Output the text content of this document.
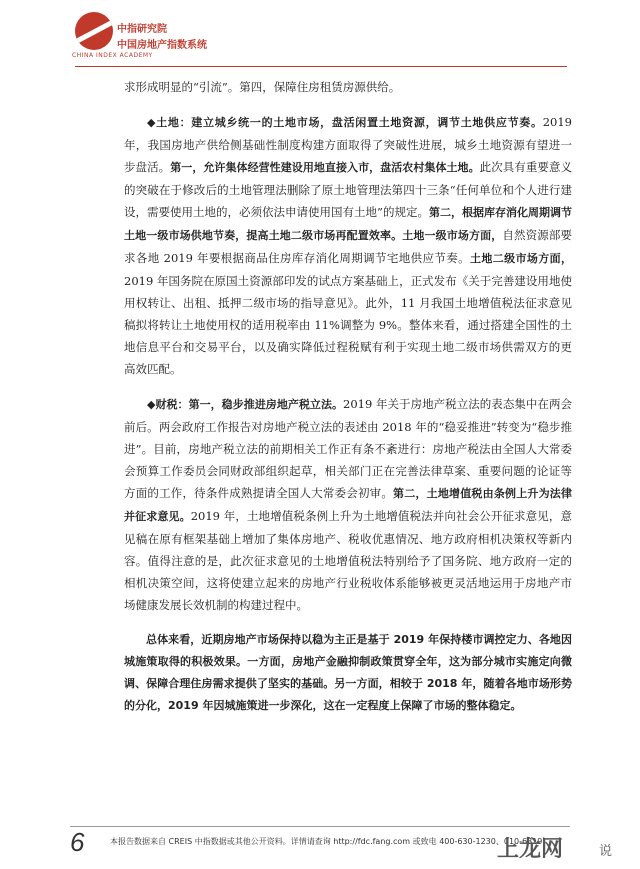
CHINA INDEX ACADEMY
中指研究院
中国房地产指数系统

求形成明显的“引流”。第四，保障住房租赁房源供给。

◆土地：建立城乡统一的土地市场，盘活闲置土地资源，调节土地供应节奏。2019 年，我国房地产供给侧基础性制度构建方面取得了突破性进展，城乡土地资源有望进一步盘活。第一，允许集体经营性建设用地直接入市，盘活农村集体土地。此次具有重要意义的突破在于修改后的土地管理法删除了原土地管理法第四十三条“任何单位和个人进行建设，需要使用土地的，必须依法申请使用国有土地”的规定。第二，根据库存消化周期调节土地一级市场供地节奏，提高土地二级市场再配置效率。土地一级市场方面，自然资源部要求各地 2019 年要根据商品住房库存消化周期调节宅地供应节奏。土地二级市场方面，2019 年国务院在原国土资源部印发的试点方案基础上，正式发布《关于完善建设用地使用权转让、出租、抵押二级市场的指导意见》。此外，11 月我国土地增值税法征求意见稿拟将转让土地使用权的适用税率由 11%调整为 9%。整体来看，通过搭建全国性的土地信息平台和交易平台，以及确实降低过程税赋有利于实现土地二级市场供需双方的更高效匹配。

◆财税：第一，稳步推进房地产税立法。2019 年关于房地产税立法的表态集中在两会前后。两会政府工作报告对房地产税立法的表述由 2018 年的“稳妥推进”转变为“稳步推进”。目前，房地产税立法的前期相关工作正有条不紊进行：房地产税法由全国人大常委会预算工作委员会同财政部组织起草，相关部门正在完善法律草案、重要问题的论证等方面的工作，待条件成熟提请全国人大常委会初审。第二，土地增值税由条例上升为法律并征求意见。2019 年，土地增值税条例上升为土地增值税法并向社会公开征求意见，意见稿在原有框架基础上增加了集体房地产、税收优惠情况、地方政府相机决策权等新内容。值得注意的是，此次征求意见的土地增值税法特别给予了国务院、地方政府一定的相机决策空间，这将使建立起来的房地产行业税收体系能够被更灵活地运用于房地产市场健康发展长效机制的构建过程中。

总体来看，近期房地产市场保持以稳为主正是基于 2019 年保持楼市调控定力、各地因城施策取得的积极效果。一方面，房地产金融抑制政策贯穿全年，这为部分城市实施定向微调、保障合理住房需求提供了坚实的基础。另一方面，相较于 2018 年，随着各地市场形势的分化，2019 年因城施策进一步深化，这在一定程度上保障了市场的整体稳定。

6	本报告数据来自 CREIS 中指数据或其他公开资料。详情请查询 http://fdc.fang.com 或致电 400-630-1230、010-6319
上龙网	说
